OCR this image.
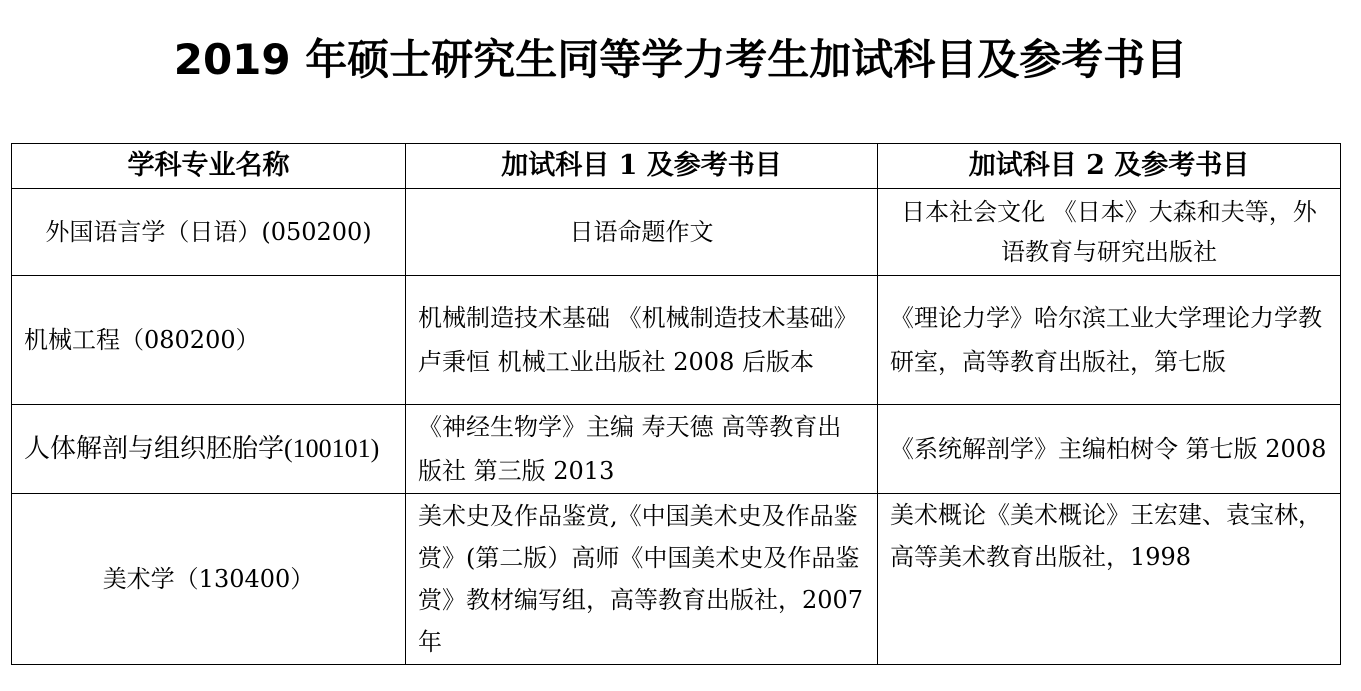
2019 年硕士研究生同等学力考生加试科目及参考书目
学科专业名称	加试科目 1 及参考书目	加试科目 2 及参考书目
外国语言学（日语）(050200)	日语命题作文	日本社会文化 《日本》大森和夫等，外语教育与研究出版社
机械工程（080200）	机械制造技术基础 《机械制造技术基础》 卢秉恒 机械工业出版社 2008 后版本	《理论力学》哈尔滨工业大学理论力学教研室，高等教育出版社，第七版
人体解剖与组织胚胎学(100101)	《神经生物学》主编 寿天德 高等教育出版社 第三版 2013	《系统解剖学》主编柏树令 第七版 2008
美术学（130400）	美术史及作品鉴赏,《中国美术史及作品鉴赏》(第二版）高师《中国美术史及作品鉴赏》教材编写组，高等教育出版社，2007 年	美术概论《美术概论》王宏建、袁宝林，高等美术教育出版社，1998
